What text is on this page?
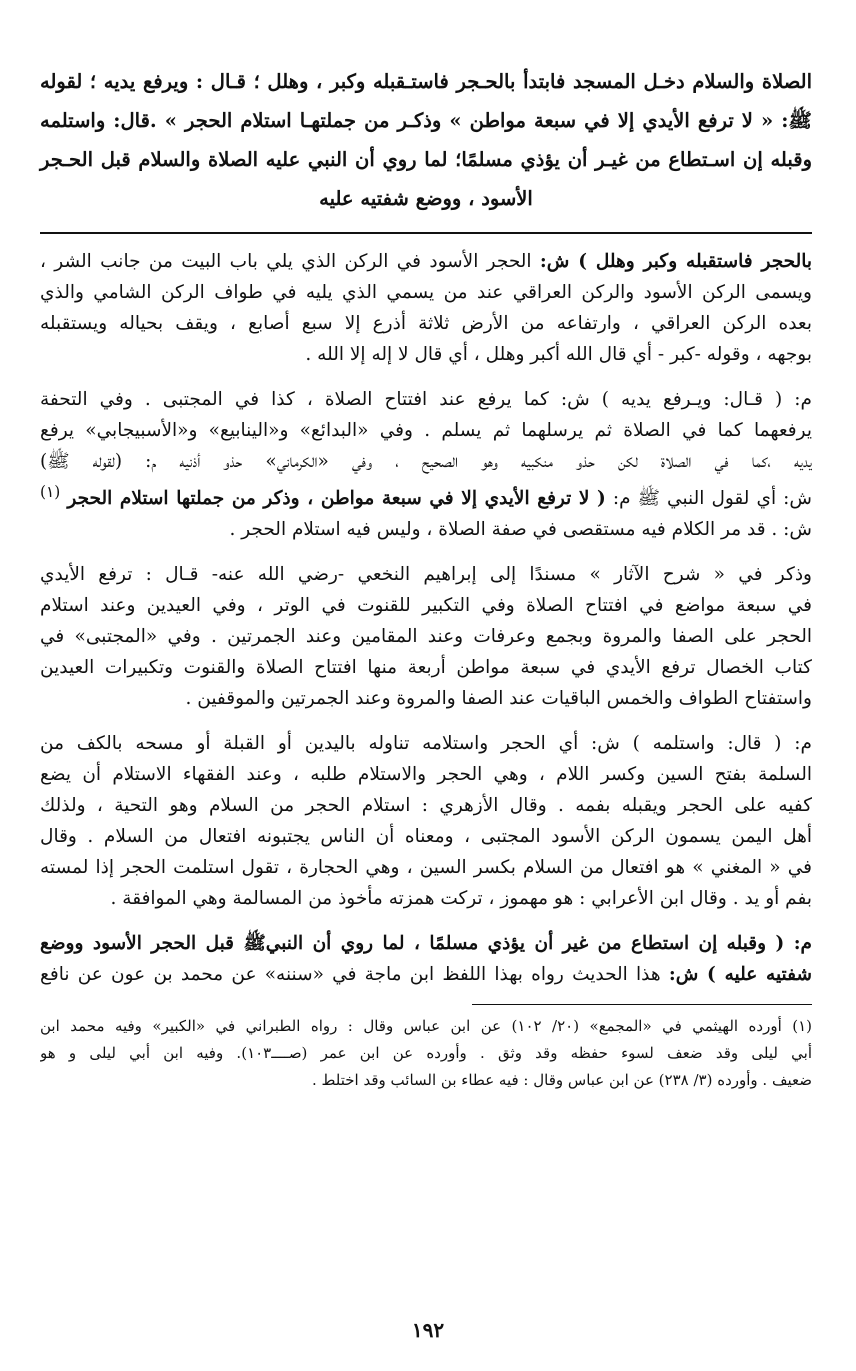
الصلاة والسلام دخـل المسجد فابتدأ بالحـجر فاستـقبله وكبر ، وهلل ؛ قـال : ويرفع يديه ؛ لقوله
ﷺ: « لا ترفع الأيدي إلا في سبعة مواطن » وذكـر من جملتهـا استلام الحجر » .قال: واستلمه
وقبله إن اسـتطاع من غيـر أن يؤذي مسلمًا؛ لما روي أن النبي عليه الصلاة والسلام قبل الحـجر
الأسود ، ووضع شفتيه عليه
بالحجر فاستقبله وكبر وهلل ) ش: الحجر الأسود في الركن الذي يلي باب البيت من جانب الشر ،
ويسمى الركن الأسود والركن العراقي عند من يسمي الذي يليه في طواف الركن الشامي والذي
بعده الركن العراقي ، وارتفاعه من الأرض ثلاثة أذرع إلا سبع أصابع ، ويقف بحياله ويستقبله
بوجهه ، وقوله -كبر - أي قال الله أكبر وهلل ، أي قال لا إله إلا الله .
م: ( قـال: ويـرفع يديه ) ش: كما يرفع عند افتتاح الصلاة ، كذا في المجتبى . وفي التحفة
يرفعهما كما في الصلاة ثم يرسلهما ثم يسلم . وفي «البدائع» و«الينابيع» و«الأسبيجابي» يرفع
يديه ،كما في الصلاة لكن حذو منكبيه وهو الصحيح ، وفي «الكرماني» حذو أذنيه م: (لقوله ﷺ)
ش: أي لقول النبي ﷺ م: ( لا ترفع الأيدي إلا في سبعة مواطن ، وذكر من جملتها استلام الحجر $^{(١)}$
ش: . قد مر الكلام فيه مستقصى في صفة الصلاة ، وليس فيه استلام الحجر .
وذكر في « شرح الآثار » مسندًا إلى إبراهيم النخعي -رضي الله عنه- قـال : ترفع الأيدي
في سبعة مواضع في افتتاح الصلاة وفي التكبير للقنوت في الوتر ، وفي العيدين وعند استلام
الحجر على الصفا والمروة وبجمع وعرفات وعند المقامين وعند الجمرتين . وفي «المجتبى» في
كتاب الخصال ترفع الأيدي في سبعة مواطن أربعة منها افتتاح الصلاة والقنوت وتكبيرات العيدين
واستفتاح الطواف والخمس الباقيات عند الصفا والمروة وعند الجمرتين والموقفين .
م: ( قال: واستلمه ) ش: أي الحجر واستلامه تناوله باليدين أو القبلة أو مسحه بالكف من
السلمة بفتح السين وكسر اللام ، وهي الحجر والاستلام طلبه ، وعند الفقهاء الاستلام أن يضع
كفيه على الحجر ويقبله بفمه . وقال الأزهري : استلام الحجر من السلام وهو التحية ، ولذلك
أهل اليمن يسمون الركن الأسود المجتبى ، ومعناه أن الناس يجتبونه افتعال من السلام . وقال
في « المغني » هو افتعال من السلام بكسر السين ، وهي الحجارة ، تقول استلمت الحجر إذا لمسته
بفم أو يد . وقال ابن الأعرابي : هو مهموز ، تركت همزته مأخوذ من المسالمة وهي الموافقة .
م: ( وقبله إن استطاع من غير أن يؤذي مسلمًا ، لما روي أن النبيﷺ قبل الحجر الأسود ووضع
شفتيه عليه ) ش: هذا الحديث رواه بهذا اللفظ ابن ماجة في «سننه» عن محمد بن عون عن نافع
(١) أورده الهيثمي في «المجمع» (٢٠/ ١٠٢) عن ابن عباس وقال : رواه الطبراني في «الكبير» وفيه محمد ابن
أبي ليلى وقد ضعف لسوء حفظه وقد وثق . وأورده عن ابن عمر (صــــ١٠٣). وفيه ابن أبي ليلى و هو
ضعيف . وأورده (٣/ ٢٣٨) عن ابن عباس وقال : فيه عطاء بن السائب وقد اختلط .
١٩٢
